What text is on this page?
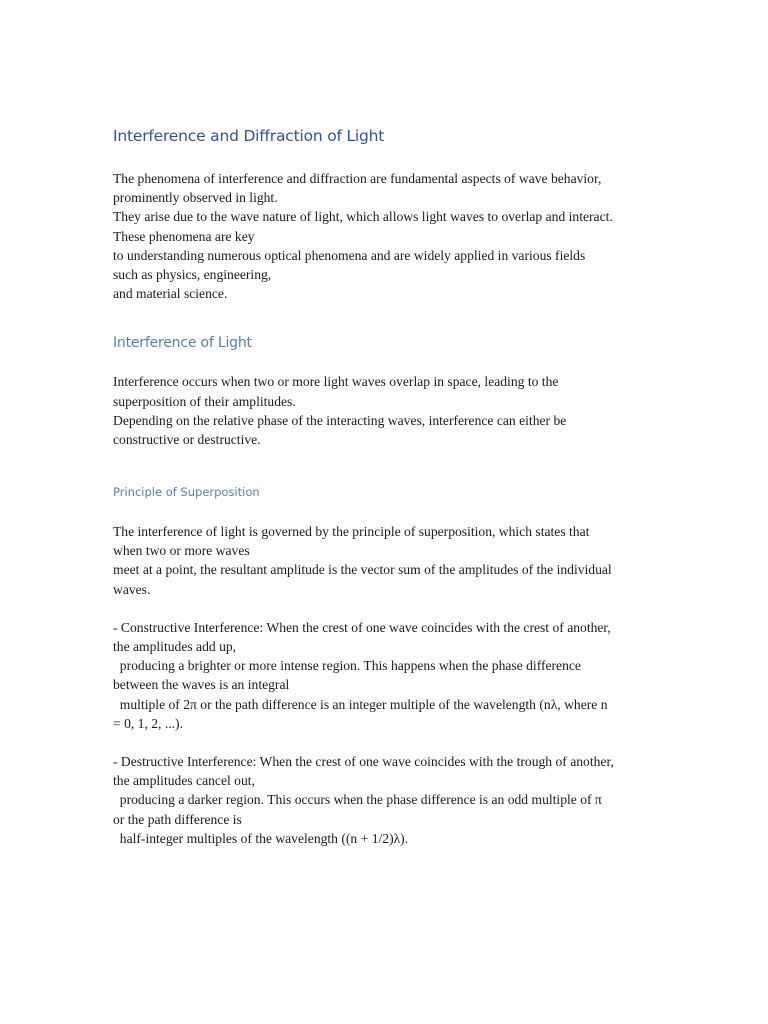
Interference and Diffraction of Light
The phenomena of interference and diffraction are fundamental aspects of wave behavior,
prominently observed in light.
They arise due to the wave nature of light, which allows light waves to overlap and interact.
These phenomena are key
to understanding numerous optical phenomena and are widely applied in various fields
such as physics, engineering,
and material science.
Interference of Light
Interference occurs when two or more light waves overlap in space, leading to the
superposition of their amplitudes.
Depending on the relative phase of the interacting waves, interference can either be
constructive or destructive.
Principle of Superposition
The interference of light is governed by the principle of superposition, which states that
when two or more waves
meet at a point, the resultant amplitude is the vector sum of the amplitudes of the individual
waves.
- Constructive Interference: When the crest of one wave coincides with the crest of another,
the amplitudes add up,
producing a brighter or more intense region. This happens when the phase difference
between the waves is an integral
multiple of 2π or the path difference is an integer multiple of the wavelength (nλ, where n
= 0, 1, 2, ...).
- Destructive Interference: When the crest of one wave coincides with the trough of another,
the amplitudes cancel out,
producing a darker region. This occurs when the phase difference is an odd multiple of π
or the path difference is
half-integer multiples of the wavelength ((n + 1/2)λ).
